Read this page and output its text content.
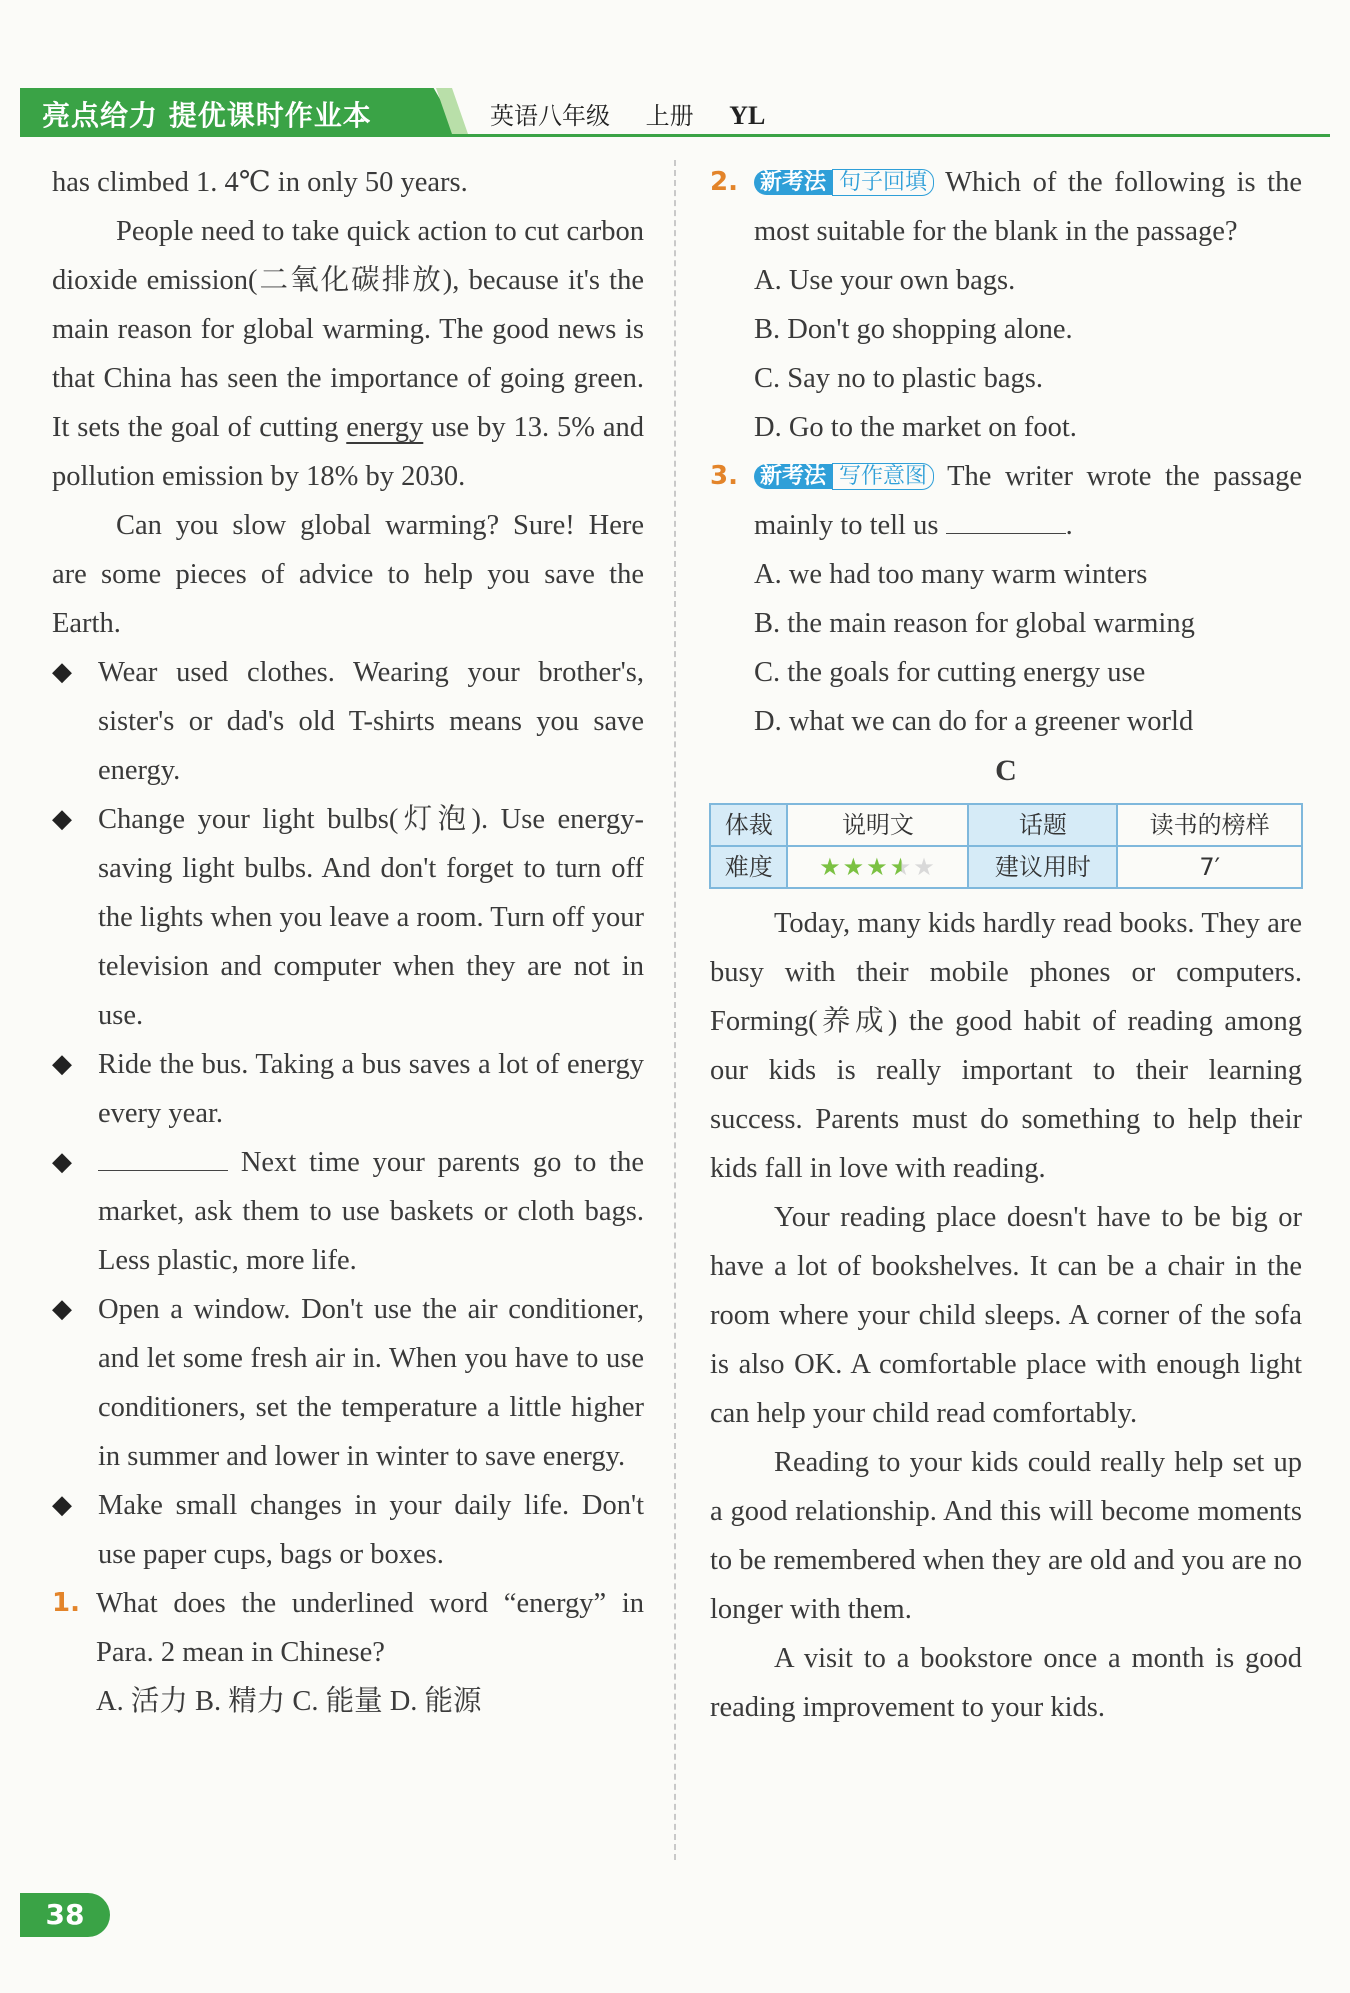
亮点给力 提优课时作业本	英语八年级 上册 YL

has climbed 1. 4℃ in only 50 years.

People need to take quick action to cut carbon dioxide emission(二氧化碳排放), because it's the main reason for global warming. The good news is that China has seen the importance of going green. It sets the goal of cutting energy use by 13. 5% and pollution emission by 18% by 2030.

Can you slow global warming? Sure! Here are some pieces of advice to help you save the Earth.

◆ Wear used clothes. Wearing your brother's, sister's or dad's old T-shirts means you save energy.

◆ Change your light bulbs(灯泡). Use energy-saving light bulbs. And don't forget to turn off the lights when you leave a room. Turn off your television and computer when they are not in use.

◆ Ride the bus. Taking a bus saves a lot of energy every year.

◆	Next time your parents go to the market, ask them to use baskets or cloth bags. Less plastic, more life.

◆ Open a window. Don't use the air conditioner, and let some fresh air in. When you have to use conditioners, set the temperature a little higher in summer and lower in winter to save energy.

◆ Make small changes in your daily life. Don't use paper cups, bags or boxes.

1. What does the underlined word “energy” in Para. 2 mean in Chinese?

A. 活力 B. 精力 C. 能量 D. 能源

2. 新考法 句子回填 Which of the following is the most suitable for the blank in the passage?

A. Use your own bags.

B. Don't go shopping alone.

C. Say no to plastic bags.

D. Go to the market on foot.

3. 新考法 写作意图 The writer wrote the passage mainly to tell us	.

A. we had too many warm winters

B. the main reason for global warming

C. the goals for cutting energy use

D. what we can do for a greener world

C
体裁	说明文	话题	读书的榜样
难度	★★★★★	建议用时	7′

Today, many kids hardly read books. They are busy with their mobile phones or computers. Forming(养成) the good habit of reading among our kids is really important to their learning success. Parents must do something to help their kids fall in love with reading.

Your reading place doesn't have to be big or have a lot of bookshelves. It can be a chair in the room where your child sleeps. A corner of the sofa is also OK. A comfortable place with enough light can help your child read comfortably.

Reading to your kids could really help set up a good relationship. And this will become moments to be remembered when they are old and you are no longer with them.

A visit to a bookstore once a month is good reading improvement to your kids.

38
